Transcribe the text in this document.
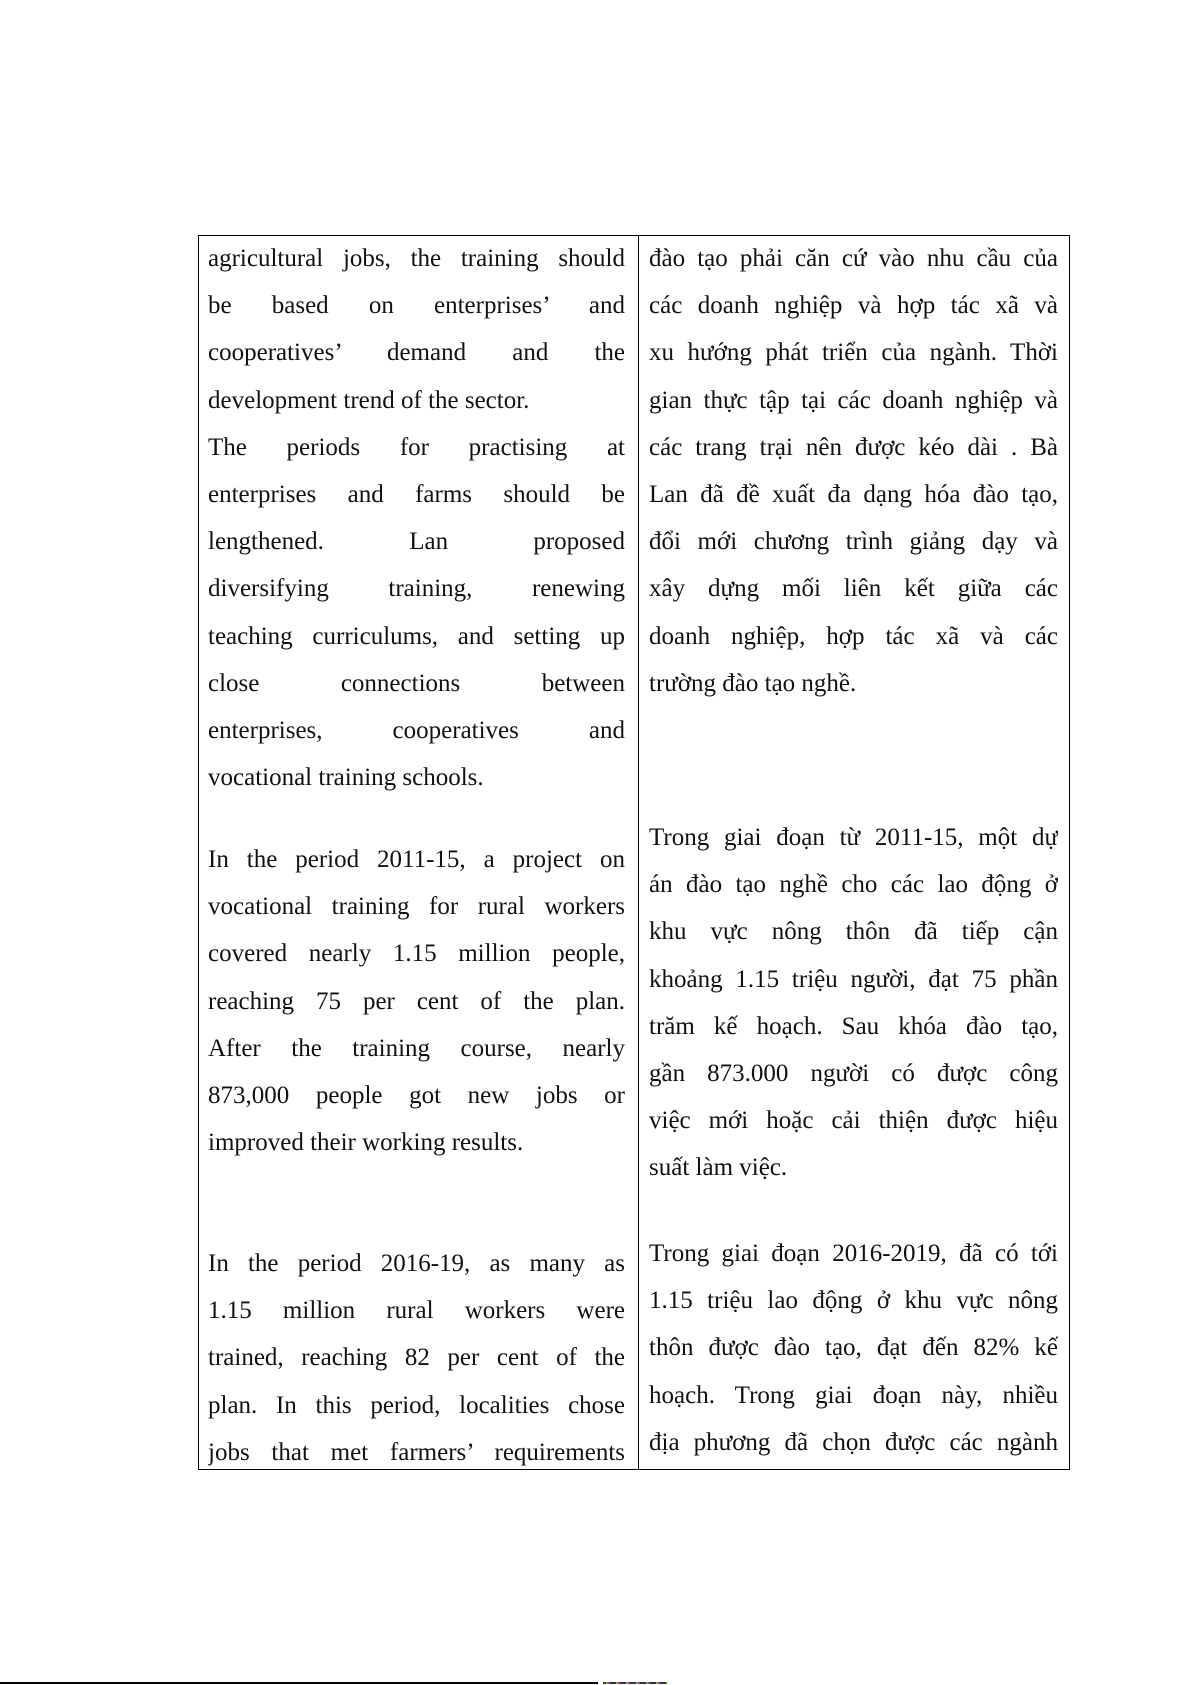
agricultural jobs, the training should
be based on enterprises’ and
cooperatives’ demand and the
development trend of the sector.
The periods for practising at
enterprises and farms should be
lengthened. Lan proposed
diversifying training, renewing
teaching curriculums, and setting up
close connections between
enterprises, cooperatives and
vocational training schools.
đào tạo phải căn cứ vào nhu cầu của
các doanh nghiệp và hợp tác xã và
xu hướng phát triển của ngành. Thời
gian thực tập tại các doanh nghiệp và
các trang trại nên được kéo dài . Bà
Lan đã đề xuất đa dạng hóa đào tạo,
đổi mới chương trình giảng dạy và
xây dựng mối liên kết giữa các
doanh nghiệp, hợp tác xã và các
trường đào tạo nghề.
In the period 2011-15, a project on
vocational training for rural workers
covered nearly 1.15 million people,
reaching 75 per cent of the plan.
After the training course, nearly
873,000 people got new jobs or
improved their working results.
Trong giai đoạn từ 2011-15, một dự
án đào tạo nghề cho các lao động ở
khu vực nông thôn đã tiếp cận
khoảng 1.15 triệu người, đạt 75 phần
trăm kế hoạch. Sau khóa đào tạo,
gần 873.000 người có được công
việc mới hoặc cải thiện được hiệu
suất làm việc.
In the period 2016-19, as many as
1.15 million rural workers were
trained, reaching 82 per cent of the
plan. In this period, localities chose
jobs that met farmers’ requirements
Trong giai đoạn 2016-2019, đã có tới
1.15 triệu lao động ở khu vực nông
thôn được đào tạo, đạt đến 82% kế
hoạch. Trong giai đoạn này, nhiều
địa phương đã chọn được các ngành
